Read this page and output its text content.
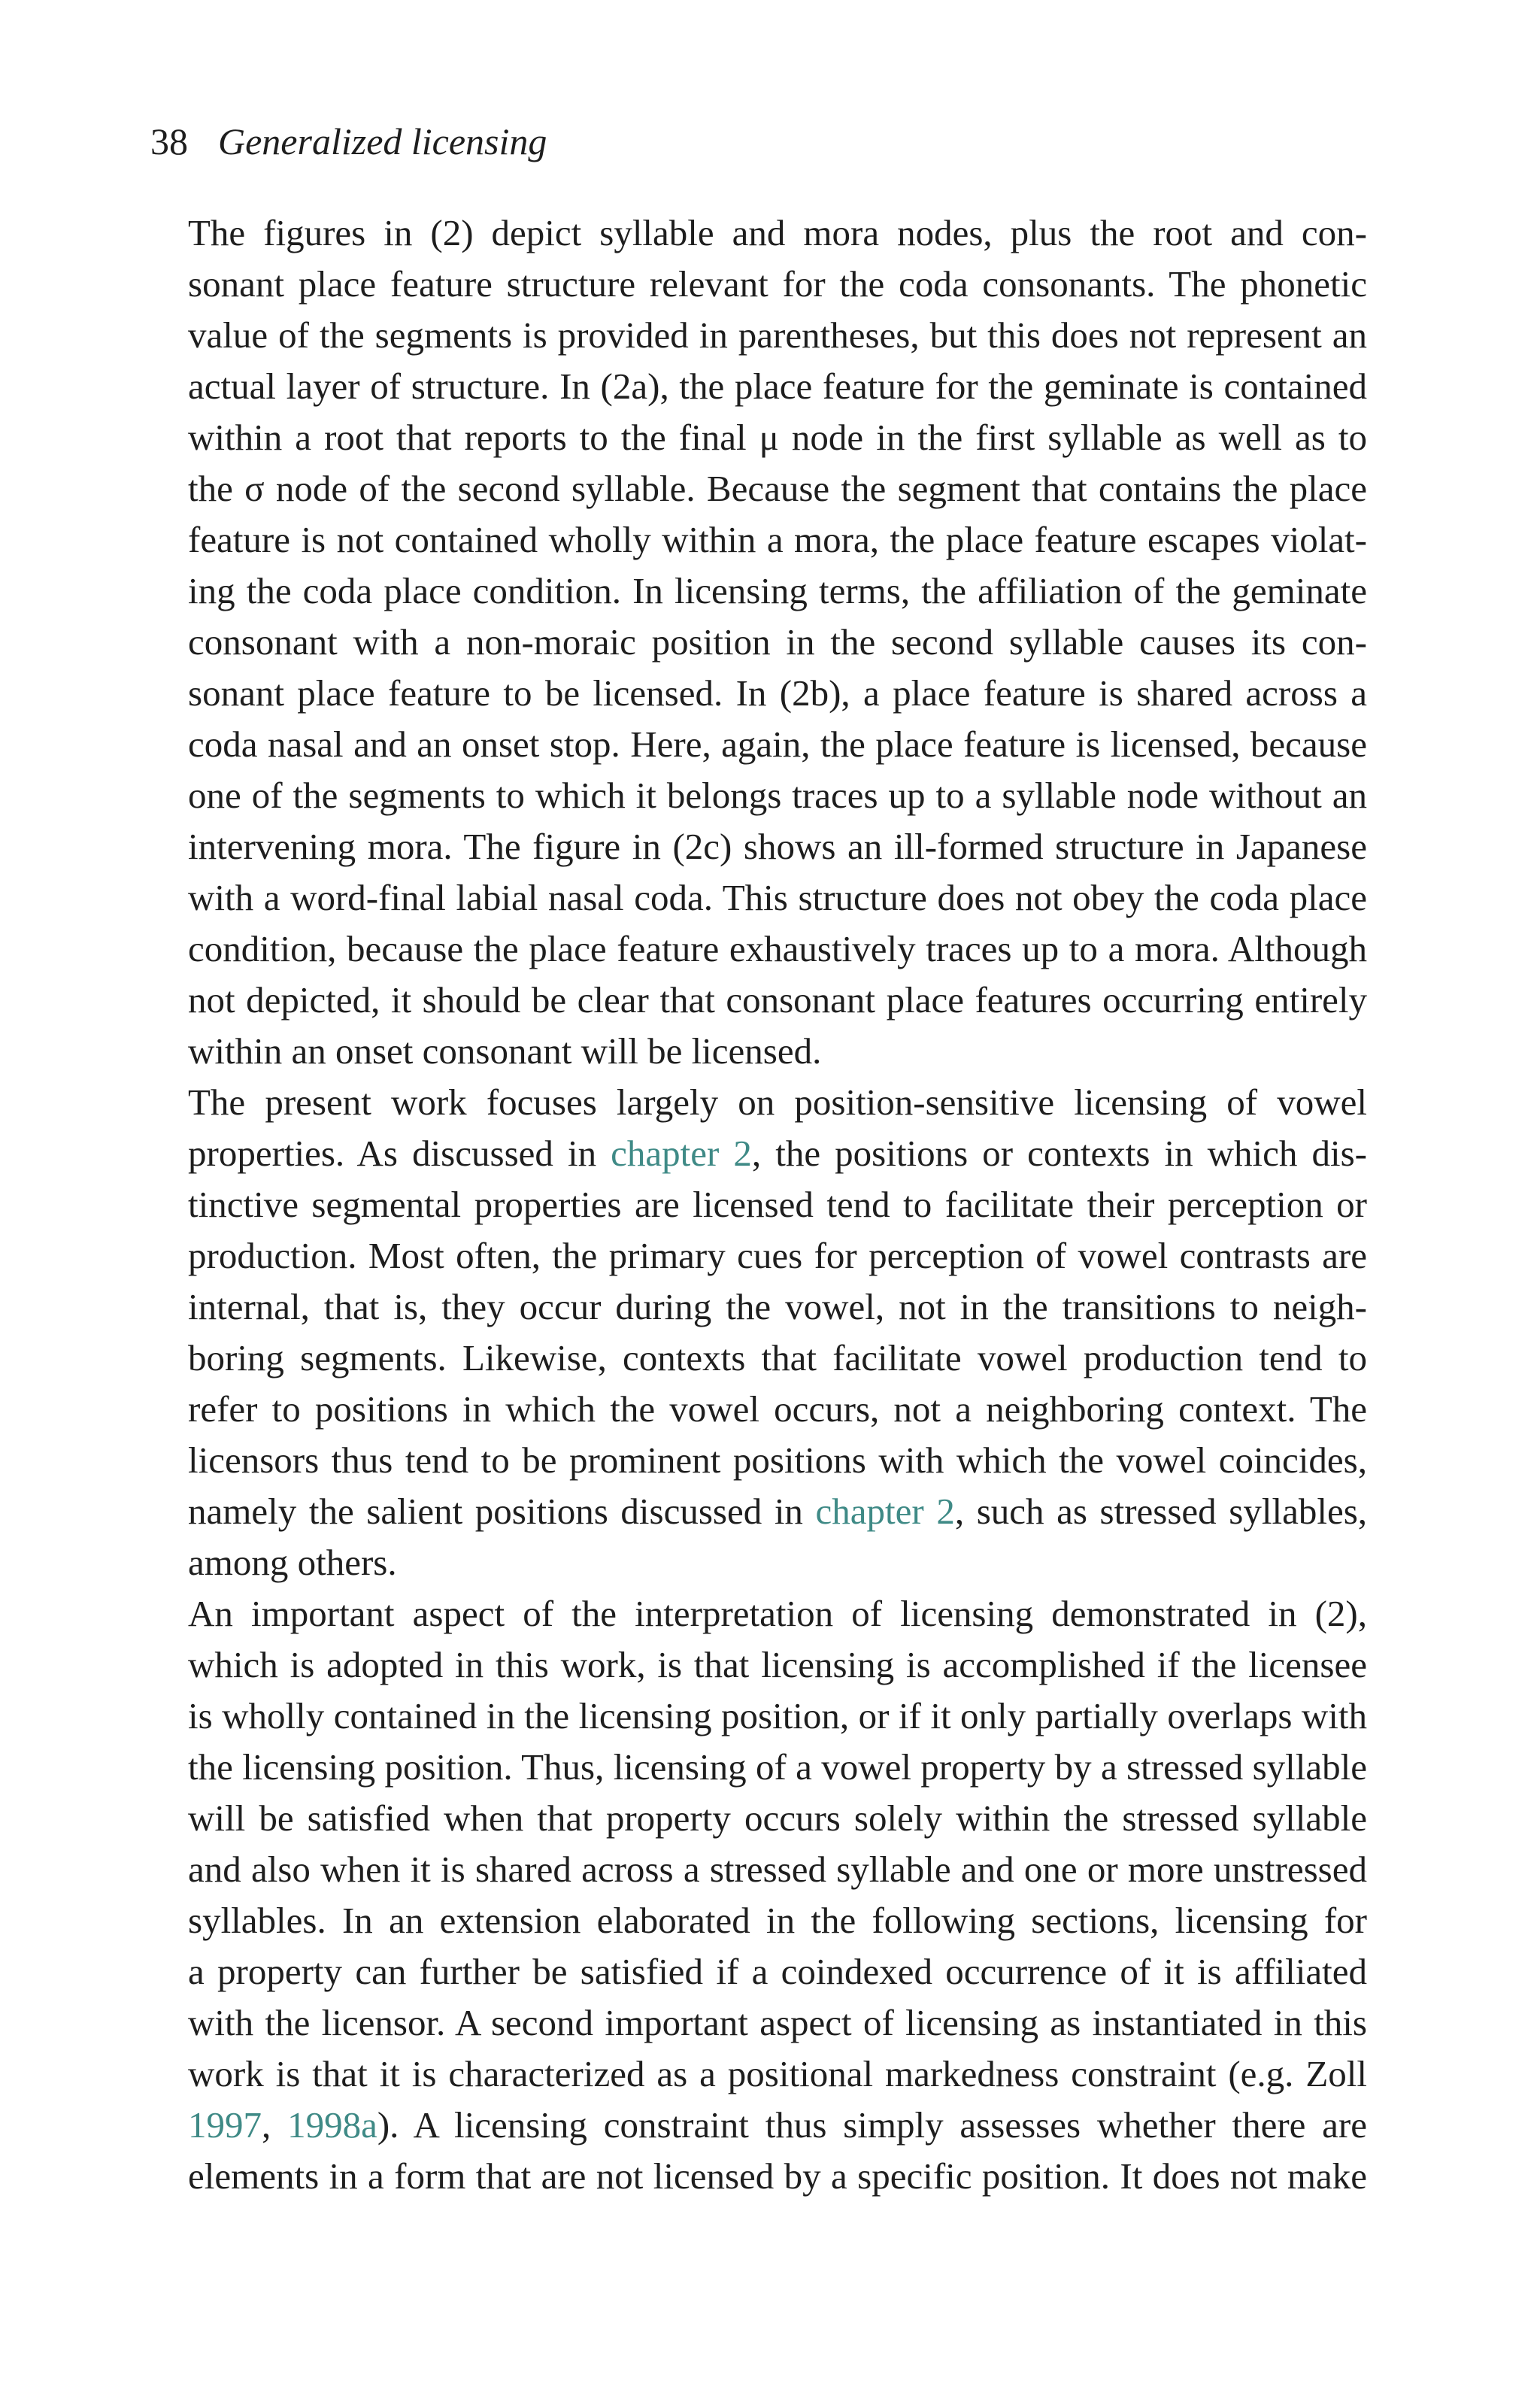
38 Generalized licensing

The figures in (2) depict syllable and mora nodes, plus the root and con-
sonant place feature structure relevant for the coda consonants. The phonetic
value of the segments is provided in parentheses, but this does not represent an
actual layer of structure. In (2a), the place feature for the geminate is contained
within a root that reports to the final μ node in the first syllable as well as to
the σ node of the second syllable. Because the segment that contains the place
feature is not contained wholly within a mora, the place feature escapes violat-
ing the coda place condition. In licensing terms, the affiliation of the geminate
consonant with a non-moraic position in the second syllable causes its con-
sonant place feature to be licensed. In (2b), a place feature is shared across a
coda nasal and an onset stop. Here, again, the place feature is licensed, because
one of the segments to which it belongs traces up to a syllable node without an
intervening mora. The figure in (2c) shows an ill-formed structure in Japanese
with a word-final labial nasal coda. This structure does not obey the coda place
condition, because the place feature exhaustively traces up to a mora. Although
not depicted, it should be clear that consonant place features occurring entirely
within an onset consonant will be licensed.

The present work focuses largely on position-sensitive licensing of vowel
properties. As discussed in chapter 2, the positions or contexts in which dis-
tinctive segmental properties are licensed tend to facilitate their perception or
production. Most often, the primary cues for perception of vowel contrasts are
internal, that is, they occur during the vowel, not in the transitions to neigh-
boring segments. Likewise, contexts that facilitate vowel production tend to
refer to positions in which the vowel occurs, not a neighboring context. The
licensors thus tend to be prominent positions with which the vowel coincides,
namely the salient positions discussed in chapter 2, such as stressed syllables,
among others.

An important aspect of the interpretation of licensing demonstrated in (2),
which is adopted in this work, is that licensing is accomplished if the licensee
is wholly contained in the licensing position, or if it only partially overlaps with
the licensing position. Thus, licensing of a vowel property by a stressed syllable
will be satisfied when that property occurs solely within the stressed syllable
and also when it is shared across a stressed syllable and one or more unstressed
syllables. In an extension elaborated in the following sections, licensing for
a property can further be satisfied if a coindexed occurrence of it is affiliated
with the licensor. A second important aspect of licensing as instantiated in this
work is that it is characterized as a positional markedness constraint (e.g. Zoll
1997, 1998a). A licensing constraint thus simply assesses whether there are
elements in a form that are not licensed by a specific position. It does not make
